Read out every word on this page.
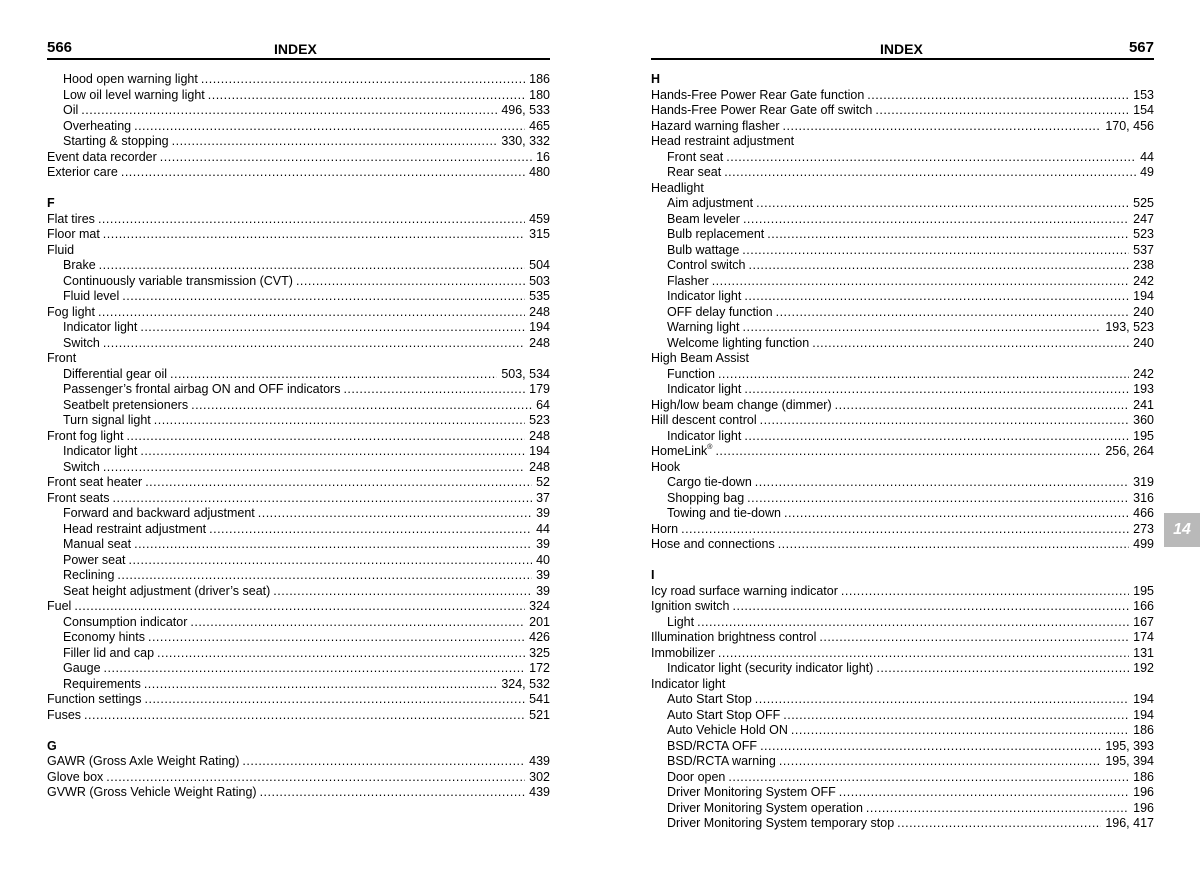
566	INDEX
Hood open warning light .....	186
Low oil level warning light .....	180
Oil .....	496, 533
Overheating .....	465
Starting & stopping .....	330, 332
Event data recorder .....	16
Exterior care .....	480
F
Flat tires .....	459
Floor mat .....	315
Fluid
Brake .....	504
Continuously variable transmission (CVT) .....	503
Fluid level .....	535
Fog light .....	248
Indicator light .....	194
Switch .....	248
Front
Differential gear oil .....	503, 534
Passenger’s frontal airbag ON and OFF indicators .....	179
Seatbelt pretensioners .....	64
Turn signal light .....	523
Front fog light .....	248
Indicator light .....	194
Switch .....	248
Front seat heater .....	52
Front seats .....	37
Forward and backward adjustment .....	39
Head restraint adjustment .....	44
Manual seat .....	39
Power seat .....	40
Reclining .....	39
Seat height adjustment (driver’s seat) .....	39
Fuel .....	324
Consumption indicator .....	201
Economy hints .....	426
Filler lid and cap .....	325
Gauge .....	172
Requirements .....	324, 532
Function settings .....	541
Fuses .....	521
G
GAWR (Gross Axle Weight Rating) .....	439
Glove box .....	302
GVWR (Gross Vehicle Weight Rating) .....	439
INDEX	567
H
Hands-Free Power Rear Gate function .....	153
Hands-Free Power Rear Gate off switch .....	154
Hazard warning flasher .....	170, 456
Head restraint adjustment
Front seat .....	44
Rear seat .....	49
Headlight
Aim adjustment .....	525
Beam leveler .....	247
Bulb replacement .....	523
Bulb wattage .....	537
Control switch .....	238
Flasher .....	242
Indicator light .....	194
OFF delay function .....	240
Warning light .....	193, 523
Welcome lighting function .....	240
High Beam Assist
Function .....	242
Indicator light .....	193
High/low beam change (dimmer) .....	241
Hill descent control .....	360
Indicator light .....	195
HomeLink® .....	256, 264
Hook
Cargo tie-down .....	319
Shopping bag .....	316
Towing and tie-down .....	466
Horn .....	273
Hose and connections .....	499
I
Icy road surface warning indicator .....	195
Ignition switch .....	166
Light .....	167
Illumination brightness control .....	174
Immobilizer .....	131
Indicator light (security indicator light) .....	192
Indicator light
Auto Start Stop .....	194
Auto Start Stop OFF .....	194
Auto Vehicle Hold ON .....	186
BSD/RCTA OFF .....	195, 393
BSD/RCTA warning .....	195, 394
Door open .....	186
Driver Monitoring System OFF .....	196
Driver Monitoring System operation .....	196
Driver Monitoring System temporary stop .....	196, 417
14
